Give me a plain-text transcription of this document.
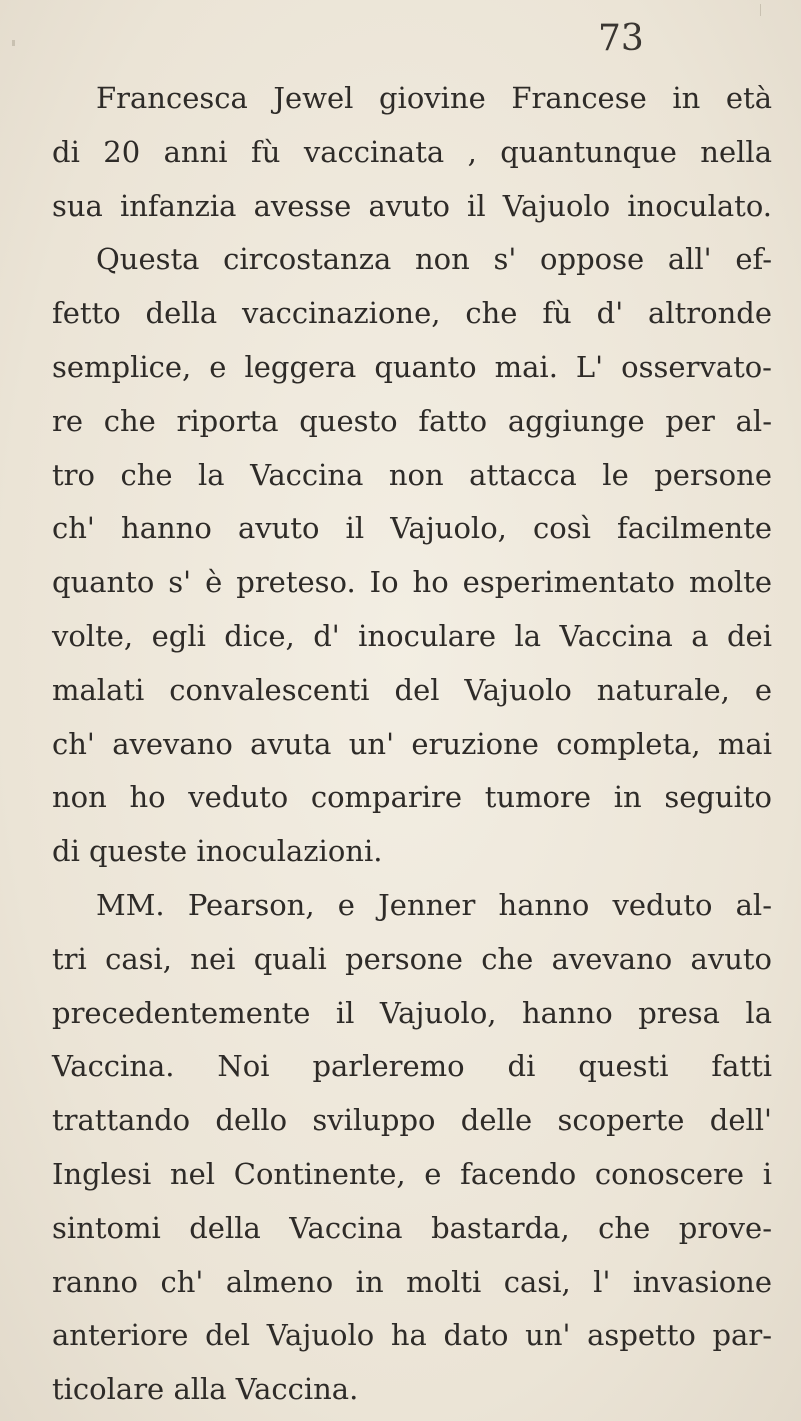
73
Francesca Jewel giovine Francese in età
di 20 anni fù vaccinata , quantunque nella
sua infanzia avesse avuto il Vajuolo inoculato.
Questa circostanza non s' oppose all' ef-
fetto della vaccinazione, che fù d' altronde
semplice, e leggera quanto mai. L' osservato-
re che riporta questo fatto aggiunge per al-
tro che la Vaccina non attacca le persone
ch' hanno avuto il Vajuolo, così facilmente
quanto s' è preteso. Io ho esperimentato molte
volte, egli dice, d' inoculare la Vaccina a dei
malati convalescenti del Vajuolo naturale, e
ch' avevano avuta un' eruzione completa, mai
non ho veduto comparire tumore in seguito
di queste inoculazioni.
MM. Pearson, e Jenner hanno veduto al-
tri casi, nei quali persone che avevano avuto
precedentemente il Vajuolo, hanno presa la
Vaccina. Noi parleremo di questi fatti
trattando dello sviluppo delle scoperte dell'
Inglesi nel Continente, e facendo conoscere i
sintomi della Vaccina bastarda, che prove-
ranno ch' almeno in molti casi, l' invasione
anteriore del Vajuolo ha dato un' aspetto par-
ticolare alla Vaccina.
